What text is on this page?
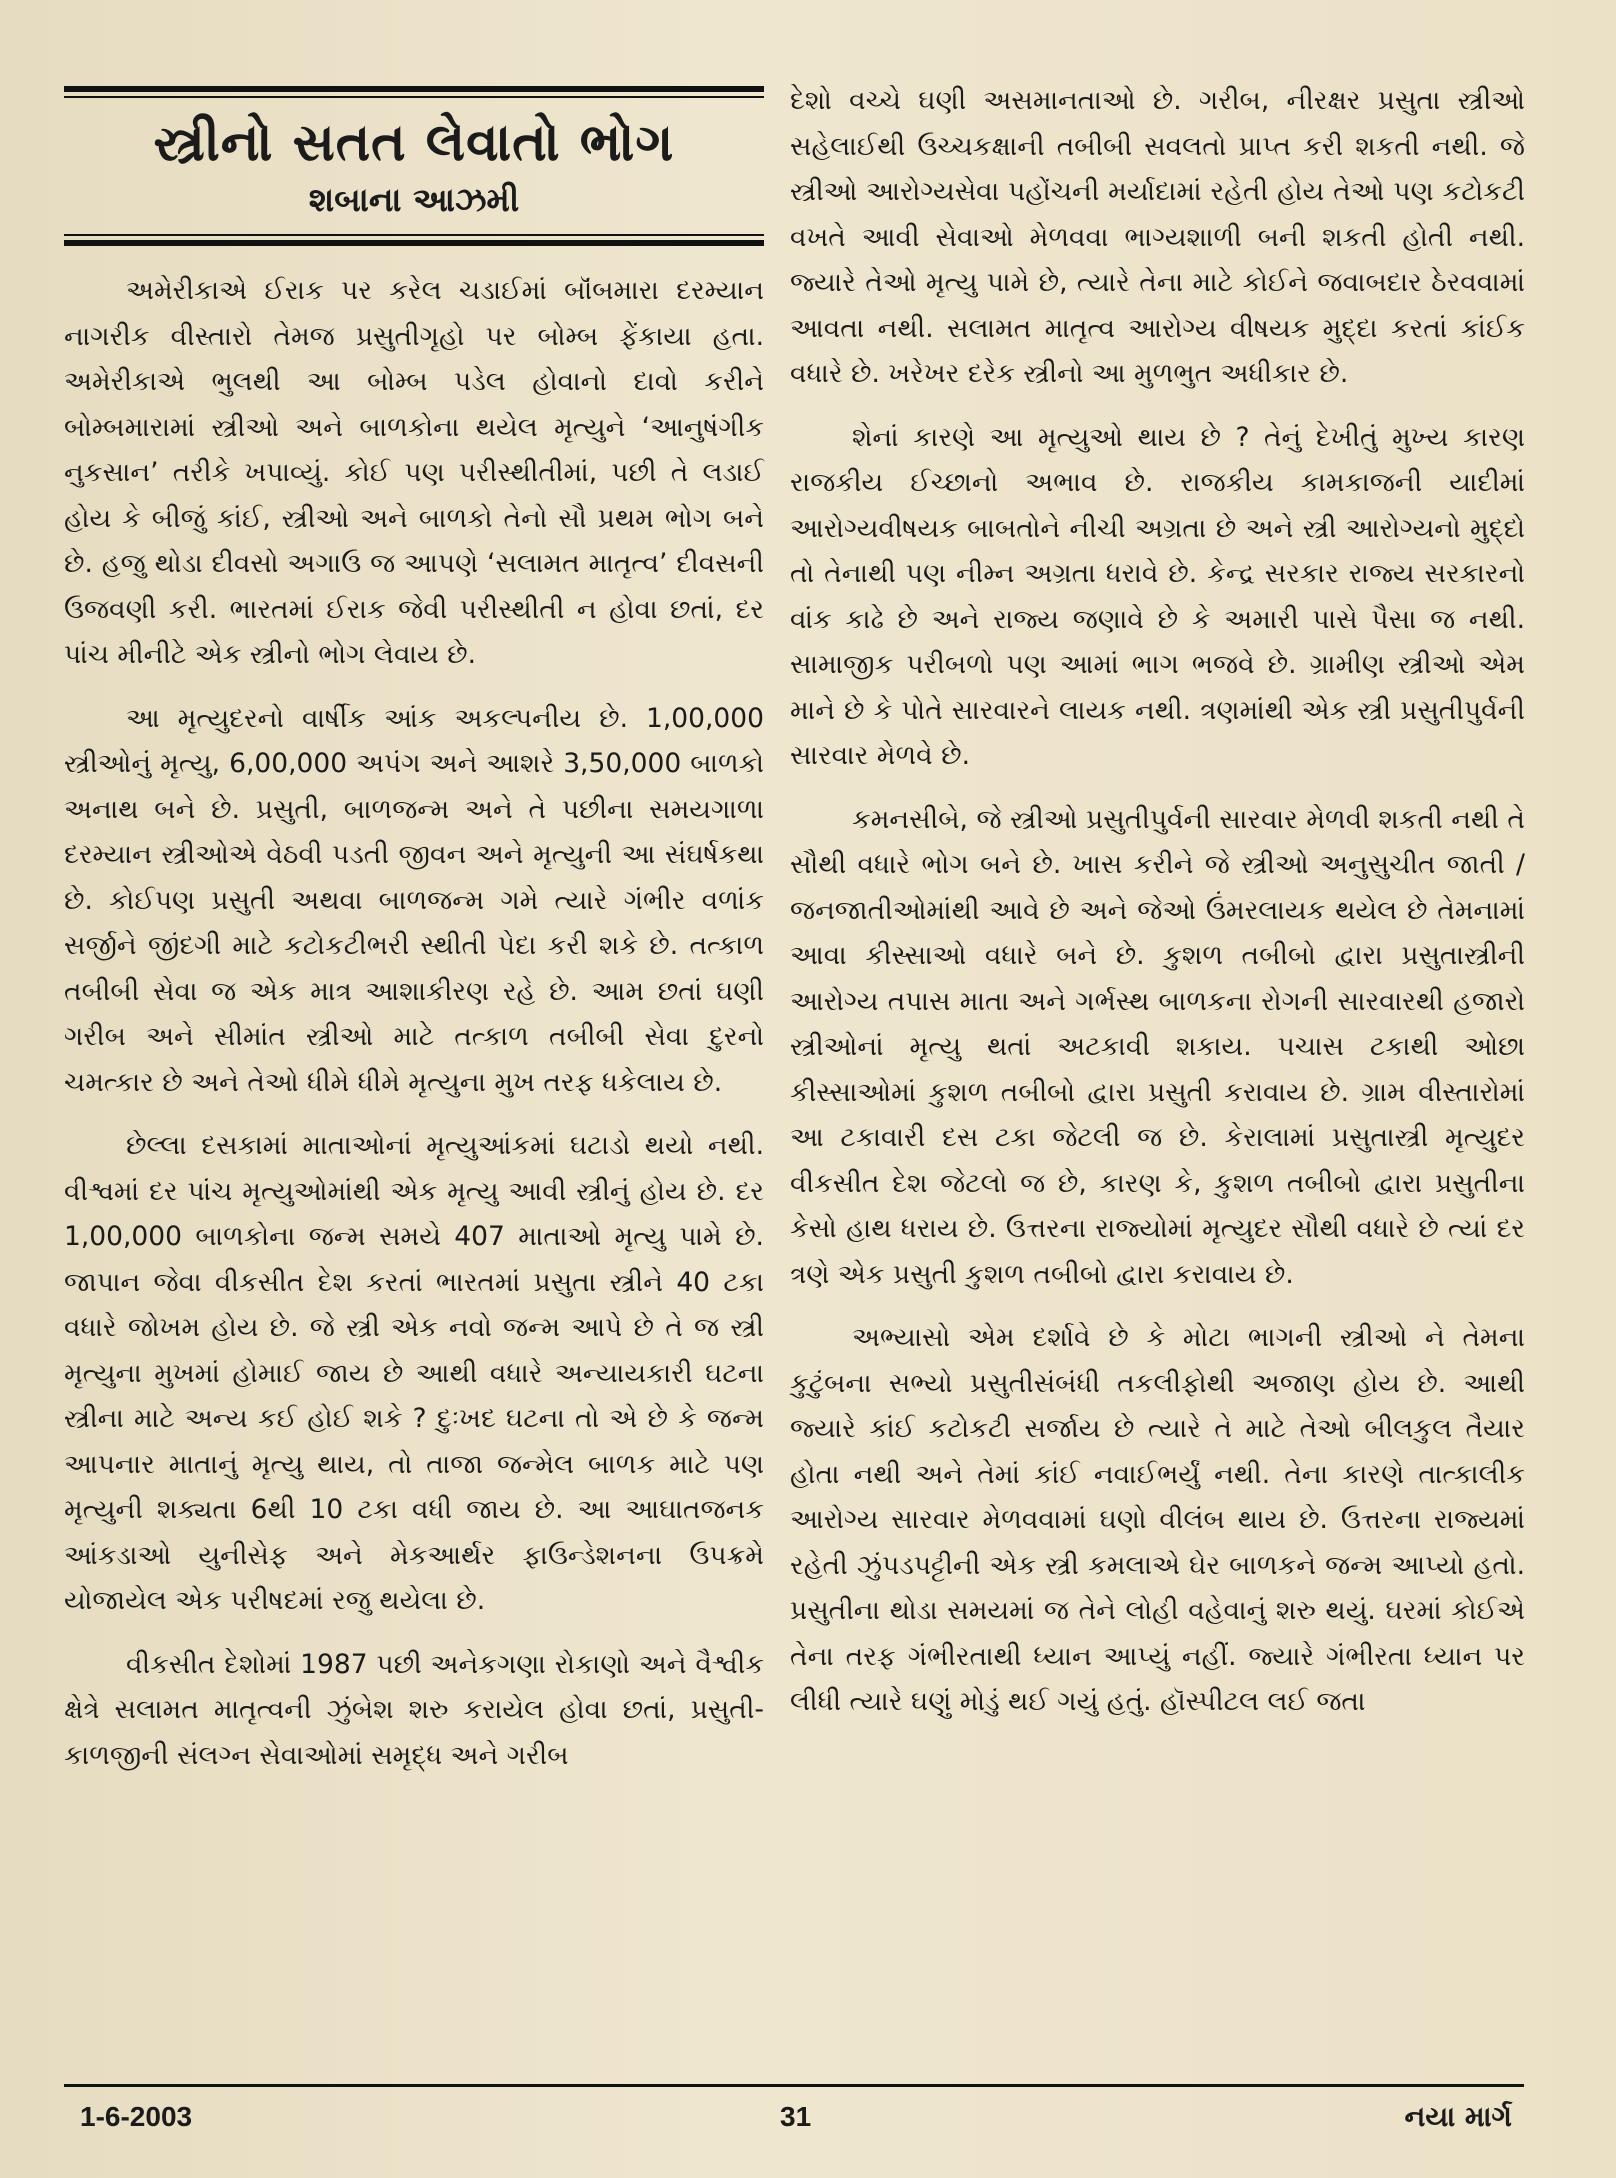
સ્ત્રીનો સતત લેવાતો ભોગ
શબાના આઝમી

અમેરીકાએ ઈરાક પર કરેલ ચડાઈમાં બૉંબમારા દરમ્યાન નાગરીક વીસ્તારો તેમજ પ્રસુતીગૃહો પર બોમ્બ ફેંકાયા હતા. અમેરીકાએ ભુલથી આ બોમ્બ પડેલ હોવાનો દાવો કરીને બોમ્બમારામાં સ્ત્રીઓ અને બાળકોના થયેલ મૃત્યુને ‘આનુષંગીક નુકસાન’ તરીકે ખપાવ્યું. કોઈ પણ પરીસ્થીતીમાં, પછી તે લડાઈ હોય કે બીજું કાંઈ, સ્ત્રીઓ અને બાળકો તેનો સૌ પ્રથમ ભોગ બને છે. હજુ થોડા દીવસો અગાઉ જ આપણે ‘સલામત માતૃત્વ’ દીવસની ઉજવણી કરી. ભારતમાં ઈરાક જેવી પરીસ્થીતી ન હોવા છતાં, દર પાંચ મીનીટે એક સ્ત્રીનો ભોગ લેવાય છે.

આ મૃત્યુદરનો વાર્ષીક આંક અકલ્પનીય છે. 1,00,000 સ્ત્રીઓનું મૃત્યુ, 6,00,000 અપંગ અને આશરે 3,50,000 બાળકો અનાથ બને છે. પ્રસુતી, બાળજન્મ અને તે પછીના સમયગાળા દરમ્યાન સ્ત્રીઓએ વેઠવી પડતી જીવન અને મૃત્યુની આ સંઘર્ષકથા છે. કોઈપણ પ્રસુતી અથવા બાળજન્મ ગમે ત્યારે ગંભીર વળાંક સર્જીને જીંદગી માટે કટોકટીભરી સ્થીતી પેદા કરી શકે છે. તત્કાળ તબીબી સેવા જ એક માત્ર આશાકીરણ રહે છે. આમ છતાં ઘણી ગરીબ અને સીમાંત સ્ત્રીઓ માટે તત્કાળ તબીબી સેવા દુરનો ચમત્કાર છે અને તેઓ ધીમે ધીમે મૃત્યુના મુખ તરફ ધકેલાય છે.

છેલ્લા દસકામાં માતાઓનાં મૃત્યુઆંકમાં ઘટાડો થયો નથી. વીશ્વમાં દર પાંચ મૃત્યુઓમાંથી એક મૃત્યુ આવી સ્ત્રીનું હોય છે. દર 1,00,000 બાળકોના જન્મ સમયે 407 માતાઓ મૃત્યુ પામે છે. જાપાન જેવા વીકસીત દેશ કરતાં ભારતમાં પ્રસુતા સ્ત્રીને 40 ટકા વધારે જોખમ હોય છે. જે સ્ત્રી એક નવો જન્મ આપે છે તે જ સ્ત્રી મૃત્યુના મુખમાં હોમાઈ જાય છે આથી વધારે અન્યાયકારી ઘટના સ્ત્રીના માટે અન્ય કઈ હોઈ શકે ? દુઃખદ ઘટના તો એ છે કે જન્મ આપનાર માતાનું મૃત્યુ થાય, તો તાજા જન્મેલ બાળક માટે પણ મૃત્યુની શક્યતા 6થી 10 ટકા વધી જાય છે. આ આઘાતજનક આંકડાઓ યુનીસેફ અને મેકઆર્થર ફાઉન્ડેશનના ઉપક્રમે યોજાયેલ એક પરીષદમાં રજુ થયેલા છે.

વીકસીત દેશોમાં 1987 પછી અનેકગણા રોકાણો અને વૈશ્વીક ક્ષેત્રે સલામત માતૃત્વની ઝુંબેશ શરુ કરાયેલ હોવા છતાં, પ્રસુતી-કાળજીની સંલગ્ન સેવાઓમાં સમૃદ્ધ અને ગરીબ

દેશો વચ્ચે ઘણી અસમાનતાઓ છે. ગરીબ, નીરક્ષર પ્રસુતા સ્ત્રીઓ સહેલાઈથી ઉચ્ચકક્ષાની તબીબી સવલતો પ્રાપ્ત કરી શકતી નથી. જે સ્ત્રીઓ આરોગ્યસેવા પહોંચની મર્યાદામાં રહેતી હોય તેઓ પણ કટોકટી વખતે આવી સેવાઓ મેળવવા ભાગ્યશાળી બની શકતી હોતી નથી. જ્યારે તેઓ મૃત્યુ પામે છે, ત્યારે તેના માટે કોઈને જવાબદાર ઠેરવવામાં આવતા નથી. સલામત માતૃત્વ આરોગ્ય વીષયક મુદ્દા કરતાં કાંઈક વધારે છે. ખરેખર દરેક સ્ત્રીનો આ મુળભુત અધીકાર છે.

શેનાં કારણે આ મૃત્યુઓ થાય છે ? તેનું દેખીતું મુખ્ય કારણ રાજકીય ઈચ્છાનો અભાવ છે. રાજકીય કામકાજની યાદીમાં આરોગ્યવીષયક બાબતોને નીચી અગ્રતા છે અને સ્ત્રી આરોગ્યનો મુદ્દો તો તેનાથી પણ નીમ્ન અગ્રતા ધરાવે છે. કેન્દ્ર સરકાર રાજ્ય સરકારનો વાંક કાઢે છે અને રાજ્ય જણાવે છે કે અમારી પાસે પૈસા જ નથી. સામાજીક પરીબળો પણ આમાં ભાગ ભજવે છે. ગ્રામીણ સ્ત્રીઓ એમ માને છે કે પોતે સારવારને લાયક નથી. ત્રણમાંથી એક સ્ત્રી પ્રસુતીપુર્વની સારવાર મેળવે છે.

કમનસીબે, જે સ્ત્રીઓ પ્રસુતીપુર્વની સારવાર મેળવી શકતી નથી તે સૌથી વધારે ભોગ બને છે. ખાસ કરીને જે સ્ત્રીઓ અનુસુચીત જાતી / જનજાતીઓમાંથી આવે છે અને જેઓ ઉંમરલાયક થયેલ છે તેમનામાં આવા કીસ્સાઓ વધારે બને છે. કુશળ તબીબો દ્વારા પ્રસુતાસ્ત્રીની આરોગ્ય તપાસ માતા અને ગર્ભસ્થ બાળકના રોગની સારવારથી હજારો સ્ત્રીઓનાં મૃત્યુ થતાં અટકાવી શકાય. પચાસ ટકાથી ઓછા કીસ્સાઓમાં કુશળ તબીબો દ્વારા પ્રસુતી કરાવાય છે. ગ્રામ વીસ્તારોમાં આ ટકાવારી દસ ટકા જેટલી જ છે. કેરાલામાં પ્રસુતાસ્ત્રી મૃત્યુદર વીકસીત દેશ જેટલો જ છે, કારણ કે, કુશળ તબીબો દ્વારા પ્રસુતીના કેસો હાથ ધરાય છે. ઉત્તરના રાજ્યોમાં મૃત્યુદર સૌથી વધારે છે ત્યાં દર ત્રણે એક પ્રસુતી કુશળ તબીબો દ્વારા કરાવાય છે.

અભ્યાસો એમ દર્શાવે છે કે મોટા ભાગની સ્ત્રીઓ ને તેમના કુટુંબના સભ્યો પ્રસુતીસંબંધી તકલીફોથી અજાણ હોય છે. આથી જ્યારે કાંઈ કટોકટી સર્જાય છે ત્યારે તે માટે તેઓ બીલકુલ તૈયાર હોતા નથી અને તેમાં કાંઈ નવાઈભર્યું નથી. તેના કારણે તાત્કાલીક આરોગ્ય સારવાર મેળવવામાં ઘણો વીલંબ થાય છે. ઉત્તરના રાજ્યમાં રહેતી ઝુંપડપટ્ટીની એક સ્ત્રી કમલાએ ઘેર બાળકને જન્મ આપ્યો હતો. પ્રસુતીના થોડા સમયમાં જ તેને લોહી વહેવાનું શરુ થયું. ઘરમાં કોઈએ તેના તરફ ગંભીરતાથી ધ્યાન આપ્યું નહીં. જ્યારે ગંભીરતા ધ્યાન પર લીધી ત્યારે ઘણું મોડું થઈ ગયું હતું. હૉસ્પીટલ લઈ જતા

1-6-2003	31	નયા માર્ગ
